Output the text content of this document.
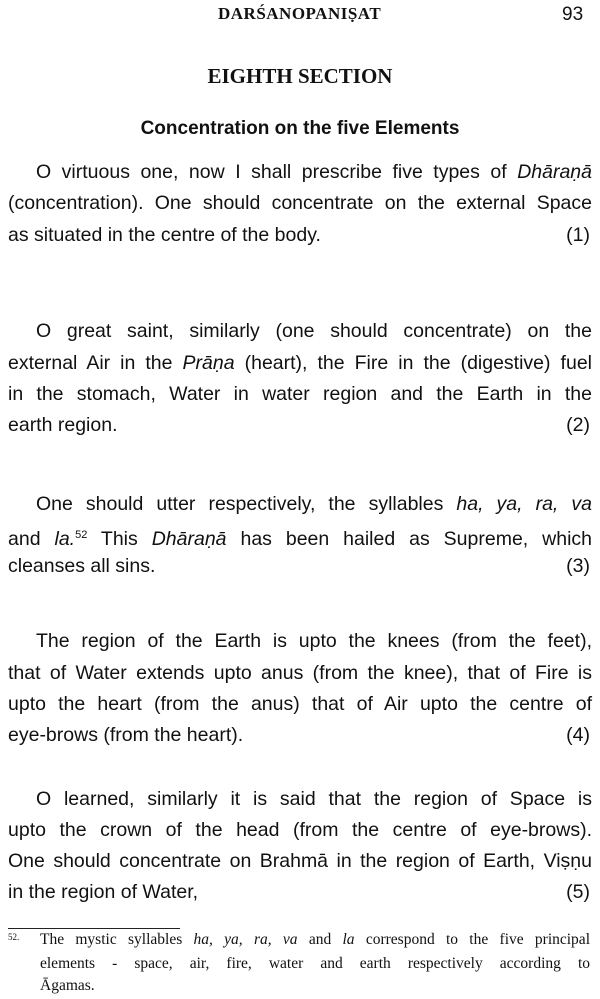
DARŚANOPANIṢAT	93
EIGHTH SECTION
Concentration on the five Elements
O virtuous one, now I shall prescribe five types of Dhāraṇā
(concentration). One should concentrate on the external Space
as situated in the centre of the body.	(1)
O great saint, similarly (one should concentrate) on the
external Air in the Prāṇa (heart), the Fire in the (digestive) fuel
in the stomach, Water in water region and the Earth in the
earth region.	(2)
One should utter respectively, the syllables ha, ya, ra, va
and la.$^{52}$ This Dhāraṇā has been hailed as Supreme, which
cleanses all sins.	(3)
The region of the Earth is upto the knees (from the feet),
that of Water extends upto anus (from the knee), that of Fire is
upto the heart (from the anus) that of Air upto the centre of
eye-brows (from the heart).	(4)
O learned, similarly it is said that the region of Space is
upto the crown of the head (from the centre of eye-brows).
One should concentrate on Brahmā in the region of Earth, Viṣṇu
in the region of Water,	(5)
52. The mystic syllables ha, ya, ra, va and la correspond to the five principal
elements - space, air, fire, water and earth respectively according to
Āgamas.
